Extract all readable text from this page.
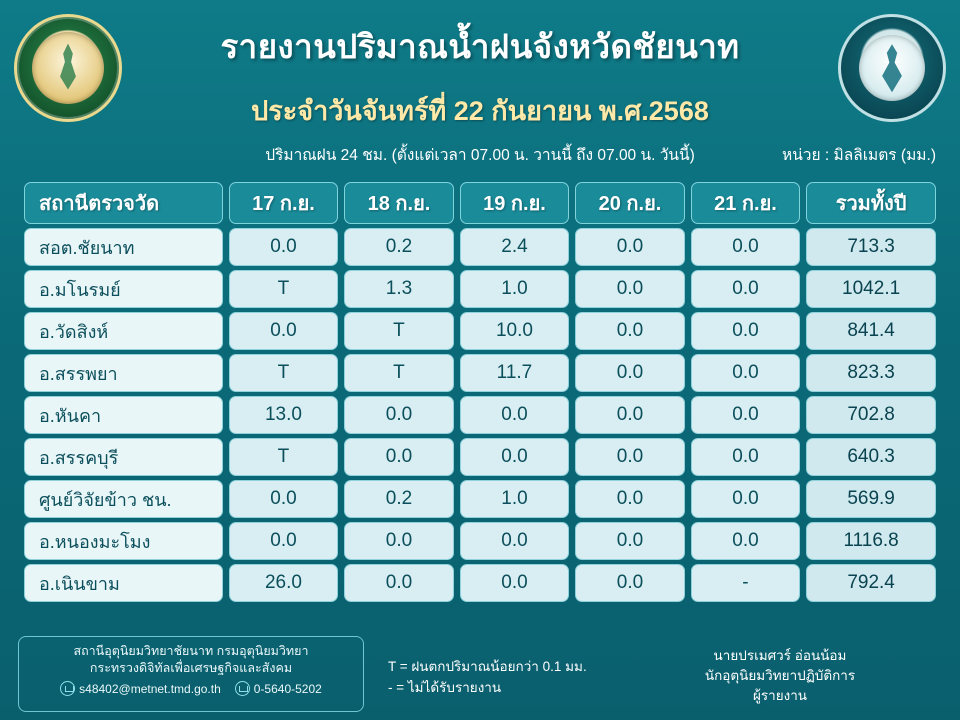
รายงานปริมาณน้ำฝนจังหวัดชัยนาท
ประจำวันจันทร์ที่ 22 กันยายน พ.ศ.2568
ปริมาณฝน 24 ชม. (ตั้งแต่เวลา 07.00 น. วานนี้ ถึง 07.00 น. วันนี้)	หน่วย : มิลลิเมตร (มม.)
สถานีตรวจวัด	17 ก.ย.	18 ก.ย.	19 ก.ย.	20 ก.ย.	21 ก.ย.	รวมทั้งปี
สอต.ชัยนาท	0.0	0.2	2.4	0.0	0.0	713.3
อ.มโนรมย์	T	1.3	1.0	0.0	0.0	1042.1
อ.วัดสิงห์	0.0	T	10.0	0.0	0.0	841.4
อ.สรรพยา	T	T	11.7	0.0	0.0	823.3
อ.หันคา	13.0	0.0	0.0	0.0	0.0	702.8
อ.สรรคบุรี	T	0.0	0.0	0.0	0.0	640.3
ศูนย์วิจัยข้าว ชน.	0.0	0.2	1.0	0.0	0.0	569.9
อ.หนองมะโมง	0.0	0.0	0.0	0.0	0.0	1116.8
อ.เนินขาม	26.0	0.0	0.0	0.0	-	792.4
สถานีอุตุนิยมวิทยาชัยนาท กรมอุตุนิยมวิทยา
กระทรวงดิจิทัลเพื่อเศรษฐกิจและสังคม
s48402@metnet.tmd.go.th	0-5640-5202
T = ฝนตกปริมาณน้อยกว่า 0.1 มม.
- = ไม่ได้รับรายงาน
นายปรเมศวร์ อ่อนน้อม
นักอุตุนิยมวิทยาปฏิบัติการ
ผู้รายงาน
